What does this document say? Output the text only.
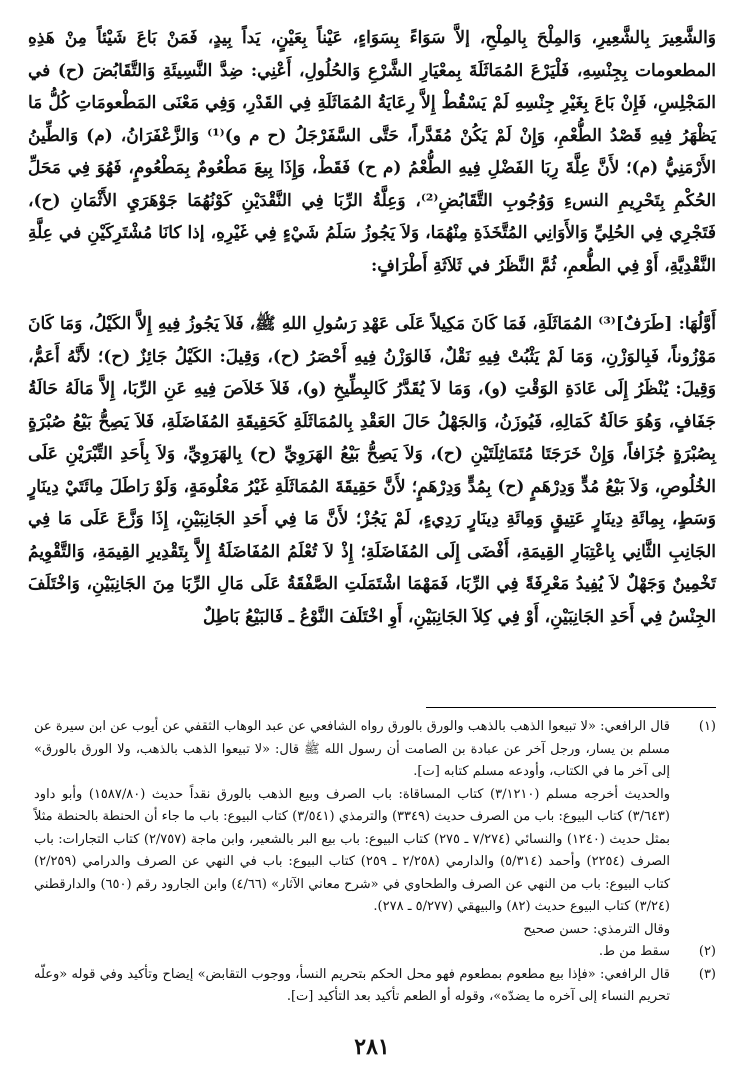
وَالشَّعِيرَ بِالشَّعِيرِ، وَالمِلْحَ بِالمِلْحِ، إلاَّ سَوَاءً بِسَوَاءٍ، عَيْناً بِعَيْنٍ، يَداً بِيدٍ، فَمَنْ بَاعَ شَيْئاً مِنْ هَذِهِ المطعومات بِجِنْسِهِ، فَلْيَرْعَ المُمَاثَلَةَ بِمعْيَارِ الشَّرْعِ وَالحُلُولِ، أَعْنِي: ضِدَّ النَّسِيئَةِ وَالتَّقَابُضَ (ح) في المَجْلِسِ، فَإِنْ بَاعَ بِغَيْرِ جِنْسِهِ لَمْ يَسْقُطْ إِلاَّ رِعَايَةُ المُمَاثَلَةِ فِي القَدْرِ، وَفِي مَعْنَى المَطْعومَاتِ كُلُّ مَا يَظْهَرُ فِيهِ قَصْدُ الطُّعْمِ، وَإِنْ لَمْ يَكُنْ مُقَدَّراً، حَتَّى السَّفَرْجَلُ (ح م و)⁽¹⁾ وَالزَّعْفَرَانُ، (م) وَالطِّينُ الأَرْمَنِيُّ (م)؛ لأَنَّ عِلَّةَ رِبَا الفَضْلِ فِيهِ الطُّعْمُ (م ح) فَقَطْ، وَإِذَا بِيعَ مَطْعُومٌ بِمَطْعُومٍ، فَهُوَ فِي مَحَلِّ الحُكْمِ بِتَحْرِيمِ النسءِ وَوُجُوبِ التَّقَابُضِ⁽²⁾، وَعِلَّةُ الرِّبَا فِي النَّقْدَيْنِ كَوْنُهُمَا جَوْهَرَيِ الأَثْمَانِ (ح)، فَتَجْرِي فِي الحُلِيِّ وَالأَوَانِي المُتَّخَذَةِ مِنْهُمَا، وَلاَ يَجُوزُ سَلَمُ شَيْءٍ فِي غَيْرِهِ، إذا كانَا مُشْتَرِكَيْنِ في عِلَّةِ النَّقْدِيَّةِ، أَوْ فِي الطُّعمِ، ثُمَّ النَّظَرُ في ثَلاَثَةِ أَطْرَافٍ:

أَوَّلُهَا: [طَرَفٌ]⁽³⁾ المُمَاثَلَةِ، فَمَا كَانَ مَكِيلاً عَلَى عَهْدِ رَسُولِ اللهِ ﷺ، فَلاَ يَجُوزُ فِيهِ إِلاَّ الكَيْلُ، وَمَا كَانَ مَوْزُوناً، فَبِالوَزْنِ، وَمَا لَمْ يَثْبُتْ فِيهِ نَقْلٌ، فَالوَزْنُ فِيهِ أَحْصَرُ (ح)، وَقِيلَ: الكَيْلُ جَائِزٌ (ح)؛ لأَنَّهُ أَعَمُّ، وَقِيلَ: يُنْظَرُ إِلَى عَادَةِ الوَقْتِ (و)، وَمَا لاَ يُقَدَّرُ كَالبِطِّيخِ (و)، فَلاَ خَلاَصَ فِيهِ عَنِ الرِّبَا، إِلاَّ مَالَهُ حَالَةُ جَفَافٍ، وَهُوَ حَالَةُ كَمَالِهِ، فَيُوزَنُ، وَالجَهْلُ حَالَ العَقْدِ بِالمُمَاثَلَةِ كَحَقِيقَةِ المُفَاضَلَةِ، فَلاَ يَصِحُّ بَيْعُ صُبْرَةٍ بِصُبْرَةٍ جُزَافاً، وَإِنْ خَرَجَتَا مُتَمَاثِلَتَيْنِ (ح)، وَلاَ يَصِحُّ بَيْعُ الهَرَوِيِّ (ح) بِالهَرَوِيِّ، وَلاَ بِأَحَدِ التِّبْرَيْنِ عَلَى الخُلُوصِ، وَلاَ بَيْعُ مُدٍّ وَدِرْهَمٍ (ح) بِمُدٍّ وَدِرْهَمٍ؛ لأَنَّ حَقِيقَةَ المُمَاثَلَةِ غَيْرُ مَعْلُومَةٍ، وَلَوْ رَاطَلَ مِائَتَيْ دِينَارٍ وَسَطٍ، بِمِائَةِ دِينَارٍ عَتِيقٍ وَمِائَةِ دِينَارٍ رَدِيءٍ، لَمْ يَجُزْ؛ لأَنَّ مَا فِي أَحَدِ الجَانِبَيْنِ، إِذَا وَزَّعَ عَلَى مَا فِي الجَانِبِ الثَّانِي بِاعْتِبَارِ القِيمَةِ، أَفْضَى إِلَى المُفَاضَلَةِ؛ إِذْ لاَ تُعْلَمُ المُفَاضَلَةُ إِلاَّ بِتَقْدِيرِ القِيمَةِ، وَالتَّقْوِيمُ تَخْمِينٌ وَجَهْلٌ لاَ يُفِيدُ مَعْرِفَةً فِي الرِّبَا، فَمَهْمَا اشْتَمَلَتِ الصَّفْقَةُ عَلَى مَالِ الرِّبَا مِنَ الجَانِبَيْنِ، وَاخْتَلَفَ الجِنْسُ فِي أَحَدِ الجَانِبَيْنِ، أَوْ فِي كِلاَ الجَانِبَيْنِ، أَوِ اخْتَلَفَ النَّوْعُ ـ فَالبَيْعُ بَاطِلٌ

(١)
قال الرافعي: «لا تبيعوا الذهب بالذهب والورق بالورق رواه الشافعي عن عبد الوهاب الثقفي عن أيوب عن ابن سيرة عن مسلم بن يسار، ورجل آخر عن عبادة بن الصامت أن رسول الله ﷺ قال: «لا تبيعوا الذهب بالذهب، ولا الورق بالورق» إلى آخر ما في الكتاب، وأودعه مسلم كتابه [ت].

والحديث أخرجه مسلم (٣/١٢١٠) كتاب المساقاة: باب الصرف وبيع الذهب بالورق نقداً حديث (١٥٨٧/٨٠) وأبو داود (٣/٦٤٣) كتاب البيوع: باب من الصرف حديث (٣٣٤٩) والترمذي (٣/٥٤١) كتاب البيوع: باب ما جاء أن الحنطة بالحنطة مثلاً بمثل حديث (١٢٤٠) والنسائي (٧/٢٧٤ ـ ٢٧٥) كتاب البيوع: باب بيع البر بالشعير، وابن ماجة (٢/٧٥٧) كتاب التجارات: باب الصرف (٢٢٥٤) وأحمد (٥/٣١٤) والدارمي (٢/٢٥٨ ـ ٢٥٩) كتاب البيوع: باب في النهي عن الصرف والدرامي (٢/٢٥٩) كتاب البيوع: باب من النهي عن الصرف والطحاوي في «شرح معاني الآثار» (٤/٦٦) وابن الجارود رقم (٦٥٠) والدارقطني (٣/٢٤) كتاب البيوع حديث (٨٢) والبيهقي (٥/٢٧٧ ـ ٢٧٨).

وقال الترمذي: حسن صحيح

(٢)
سقط من ط.
(٣)
قال الرافعي: «فإذا بيع مطعوم بمطعوم فهو محل الحكم بتحريم النسأ، ووجوب التقابض» إيضاح وتأكيد وفي قوله «وعلّه تحريم النساء إلى آخره ما يضدّه»، وقوله أو الطعم تأكيد بعد التأكيد [ت].
٢٨١
